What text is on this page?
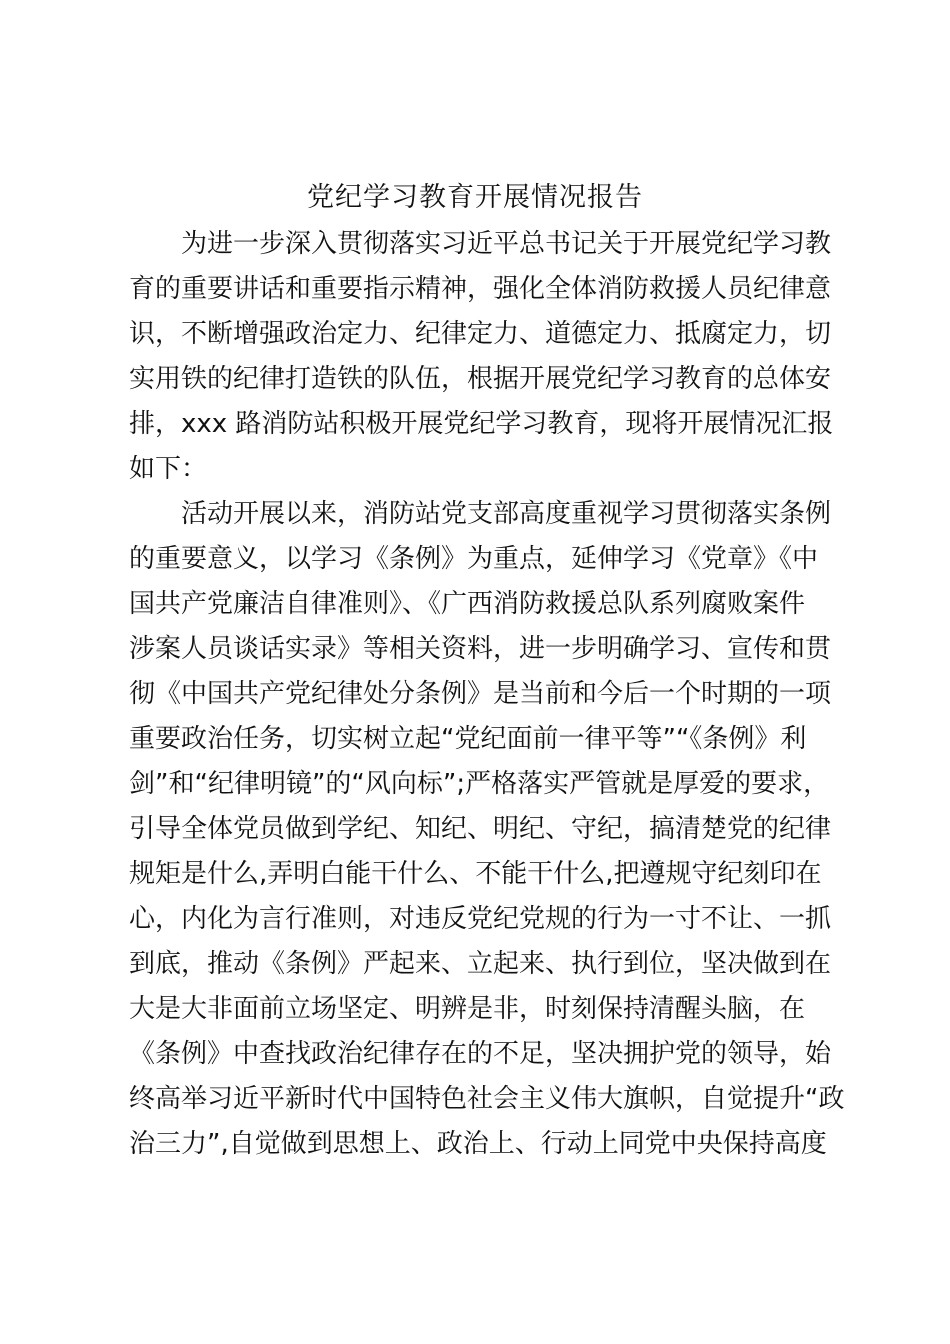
党纪学习教育开展情况报告
为进一步深入贯彻落实习近平总书记关于开展党纪学习教
育的重要讲话和重要指示精神，强化全体消防救援人员纪律意
识，不断增强政治定力、纪律定力、道德定力、抵腐定力，切
实用铁的纪律打造铁的队伍，根据开展党纪学习教育的总体安
排，xxx 路消防站积极开展党纪学习教育，现将开展情况汇报
如下：
活动开展以来，消防站党支部高度重视学习贯彻落实条例
的重要意义，以学习《条例》为重点，延伸学习《党章》《中
国共产党廉洁自律准则》、《广西消防救援总队系列腐败案件
涉案人员谈话实录》等相关资料，进一步明确学习、宣传和贯
彻《中国共产党纪律处分条例》是当前和今后一个时期的一项
重要政治任务，切实树立起“党纪面前一律平等”“《条例》利
剑”和“纪律明镜”的“风向标”;严格落实严管就是厚爱的要求，
引导全体党员做到学纪、知纪、明纪、守纪，搞清楚党的纪律
规矩是什么,弄明白能干什么、不能干什么,把遵规守纪刻印在
心，内化为言行准则，对违反党纪党规的行为一寸不让、一抓
到底，推动《条例》严起来、立起来、执行到位，坚决做到在
大是大非面前立场坚定、明辨是非，时刻保持清醒头脑，在
《条例》中查找政治纪律存在的不足，坚决拥护党的领导，始
终高举习近平新时代中国特色社会主义伟大旗帜，自觉提升“政
治三力”,自觉做到思想上、政治上、行动上同党中央保持高度
